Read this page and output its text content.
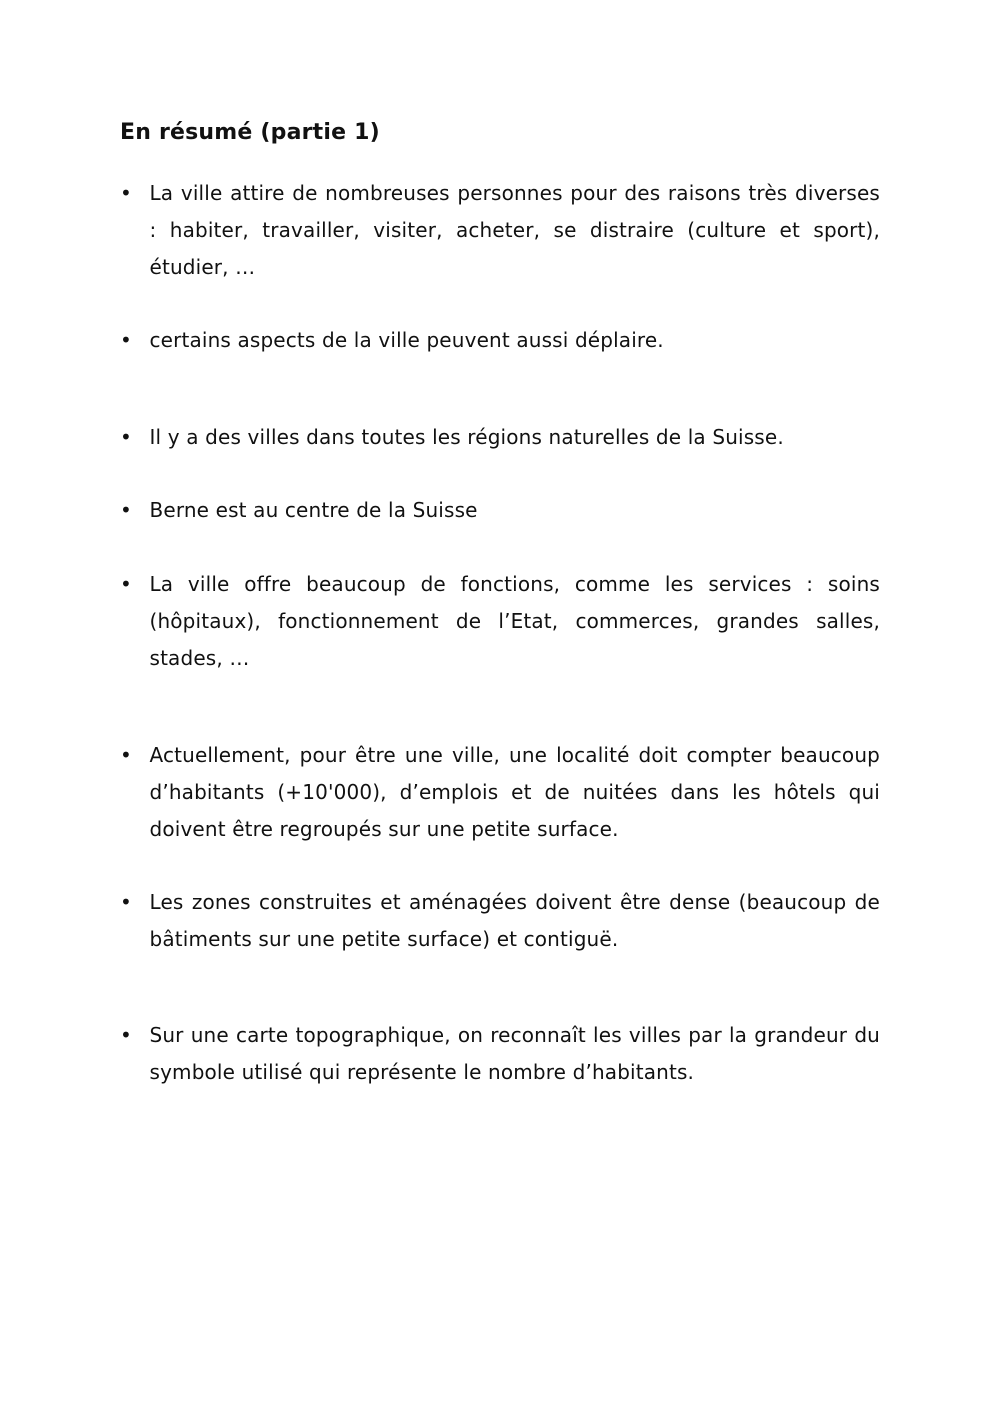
En résumé (partie 1)
• La ville attire de nombreuses personnes pour des raisons très diverses : habiter, travailler, visiter, acheter, se distraire (culture et sport), étudier, …

• certains aspects de la ville peuvent aussi déplaire.

• Il y a des villes dans toutes les régions naturelles de la Suisse.

• Berne est au centre de la Suisse

• La ville offre beaucoup de fonctions, comme les services : soins (hôpitaux), fonctionnement de l’Etat, commerces, grandes salles, stades, …

• Actuellement, pour être une ville, une localité doit compter beaucoup d’habitants (+10'000), d’emplois et de nuitées dans les hôtels qui doivent être regroupés sur une petite surface.

• Les zones construites et aménagées doivent être dense (beaucoup de bâtiments sur une petite surface) et contiguë.

• Sur une carte topographique, on reconnaît les villes par la grandeur du symbole utilisé qui représente le nombre d’habitants.
